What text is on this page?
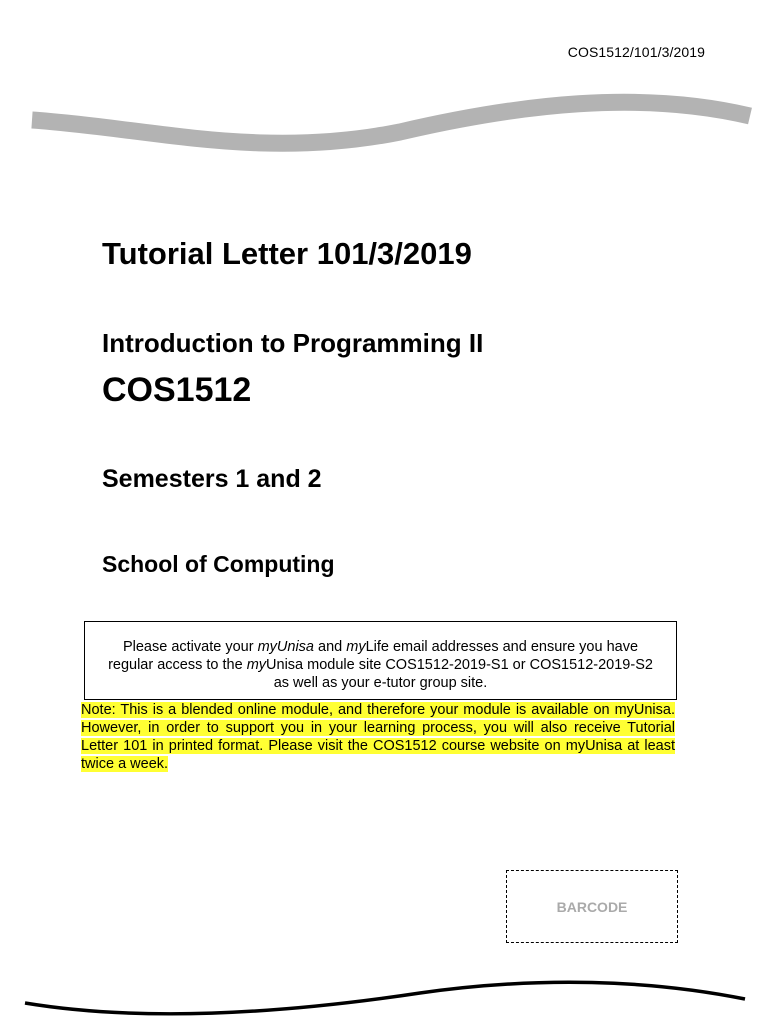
COS1512/101/3/2019
Tutorial Letter 101/3/2019
Introduction to Programming II
COS1512
Semesters 1 and 2
School of Computing
Please activate your myUnisa and myLife email addresses and ensure you have regular access to the myUnisa module site COS1512-2019-S1 or COS1512-2019-S2 as well as your e-tutor group site.

Note: This is a blended online module, and therefore your module is available on myUnisa. However, in order to support you in your learning process, you will also receive Tutorial Letter 101 in printed format. Please visit the COS1512 course website on myUnisa at least twice a week.

BARCODE
